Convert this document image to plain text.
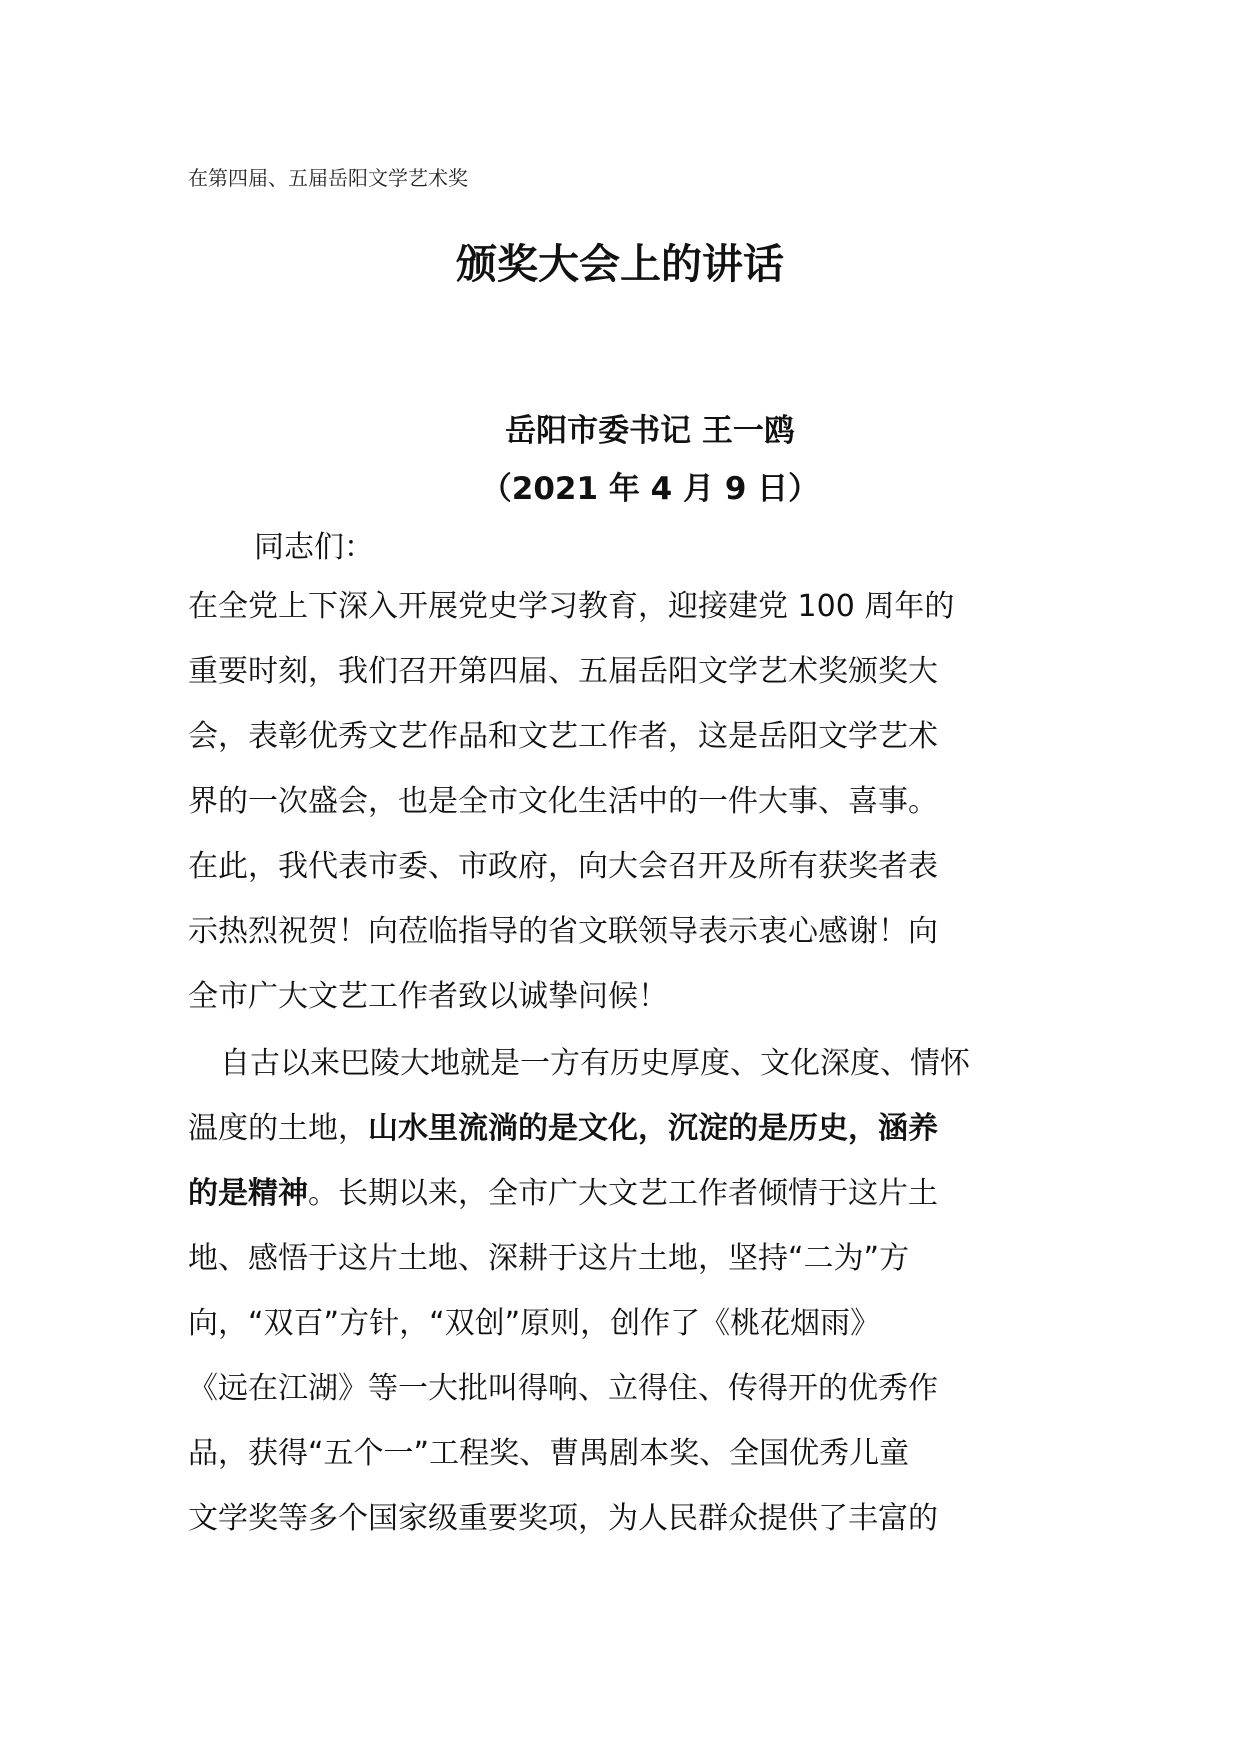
在第四届、五届岳阳文学艺术奖
颁奖大会上的讲话
岳阳市委书记 王一鸥
（2021 年 4 月 9 日）
同志们：
在全党上下深入开展党史学习教育，迎接建党 100 周年的
重要时刻，我们召开第四届、五届岳阳文学艺术奖颁奖大
会，表彰优秀文艺作品和文艺工作者，这是岳阳文学艺术
界的一次盛会，也是全市文化生活中的一件大事、喜事。
在此，我代表市委、市政府，向大会召开及所有获奖者表
示热烈祝贺！向莅临指导的省文联领导表示衷心感谢！向
全市广大文艺工作者致以诚挚问候！
自古以来巴陵大地就是一方有历史厚度、文化深度、情怀
温度的土地，山水里流淌的是文化，沉淀的是历史，涵养
的是精神。长期以来，全市广大文艺工作者倾情于这片土
地、感悟于这片土地、深耕于这片土地，坚持“二为”方
向，“双百”方针，“双创”原则，创作了《桃花烟雨》
《远在江湖》等一大批叫得响、立得住、传得开的优秀作
品，获得“五个一”工程奖、曹禺剧本奖、全国优秀儿童
文学奖等多个国家级重要奖项，为人民群众提供了丰富的
